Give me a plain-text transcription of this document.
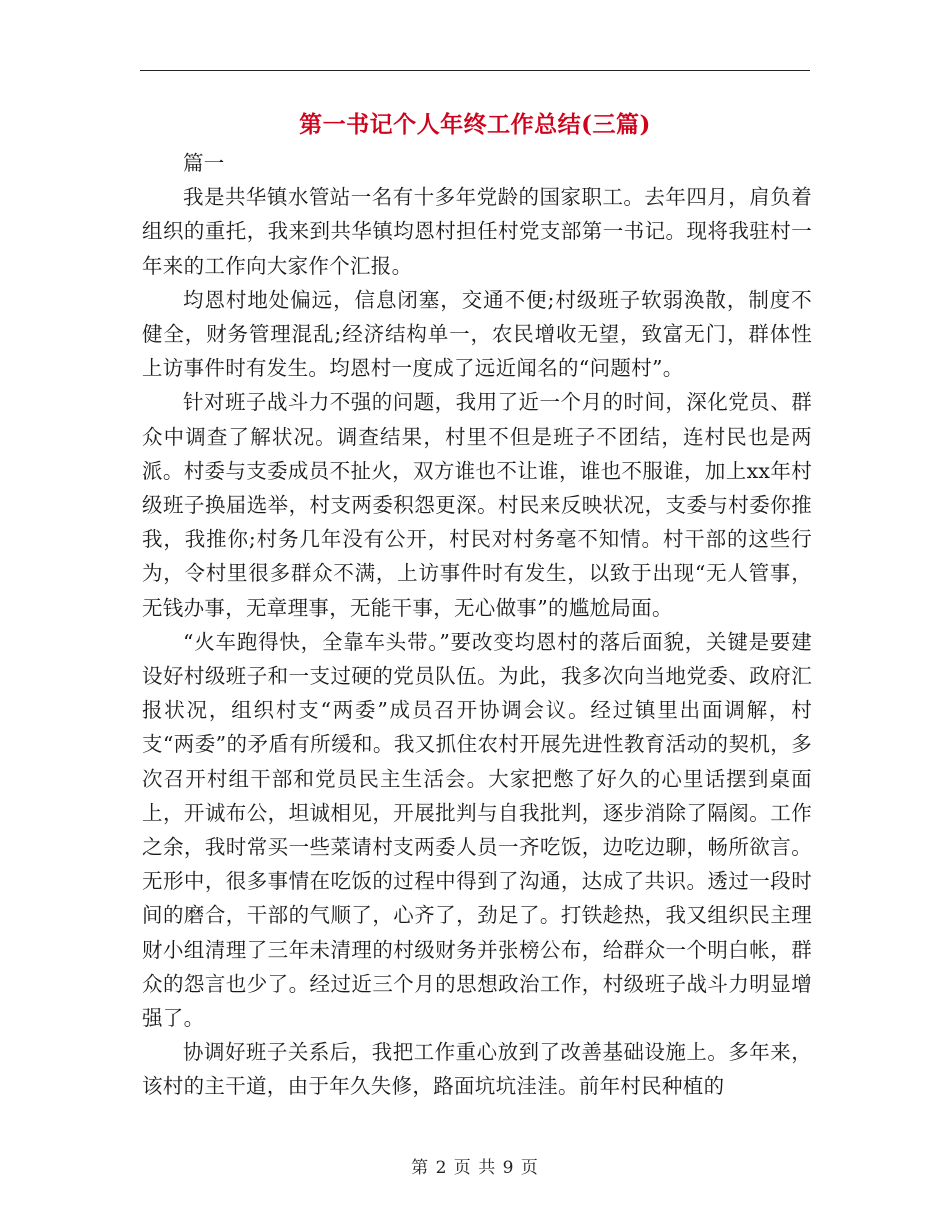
第一书记个人年终工作总结(三篇)

篇一

我是共华镇水管站一名有十多年党龄的国家职工。去年四月，肩负着组织的重托，我来到共华镇均恩村担任村党支部第一书记。现将我驻村一年来的工作向大家作个汇报。

均恩村地处偏远，信息闭塞，交通不便;村级班子软弱涣散，制度不健全，财务管理混乱;经济结构单一，农民增收无望，致富无门，群体性上访事件时有发生。均恩村一度成了远近闻名的“问题村”。

针对班子战斗力不强的问题，我用了近一个月的时间，深化党员、群众中调查了解状况。调查结果，村里不但是班子不团结，连村民也是两派。村委与支委成员不扯火，双方谁也不让谁，谁也不服谁，加上xx年村级班子换届选举，村支两委积怨更深。村民来反映状况，支委与村委你推我，我推你;村务几年没有公开，村民对村务毫不知情。村干部的这些行为，令村里很多群众不满，上访事件时有发生，以致于出现“无人管事，无钱办事，无章理事，无能干事，无心做事”的尴尬局面。

“火车跑得快，全靠车头带。”要改变均恩村的落后面貌，关键是要建设好村级班子和一支过硬的党员队伍。为此，我多次向当地党委、政府汇报状况，组织村支“两委”成员召开协调会议。经过镇里出面调解，村支“两委”的矛盾有所缓和。我又抓住农村开展先进性教育活动的契机，多次召开村组干部和党员民主生活会。大家把憋了好久的心里话摆到桌面上，开诚布公，坦诚相见，开展批判与自我批判，逐步消除了隔阂。工作之余，我时常买一些菜请村支两委人员一齐吃饭，边吃边聊，畅所欲言。无形中，很多事情在吃饭的过程中得到了沟通，达成了共识。透过一段时间的磨合，干部的气顺了，心齐了，劲足了。打铁趁热，我又组织民主理财小组清理了三年未清理的村级财务并张榜公布，给群众一个明白帐，群众的怨言也少了。经过近三个月的思想政治工作，村级班子战斗力明显增强了。

协调好班子关系后，我把工作重心放到了改善基础设施上。多年来，该村的主干道，由于年久失修，路面坑坑洼洼。前年村民种植的

第 2 页 共 9 页
